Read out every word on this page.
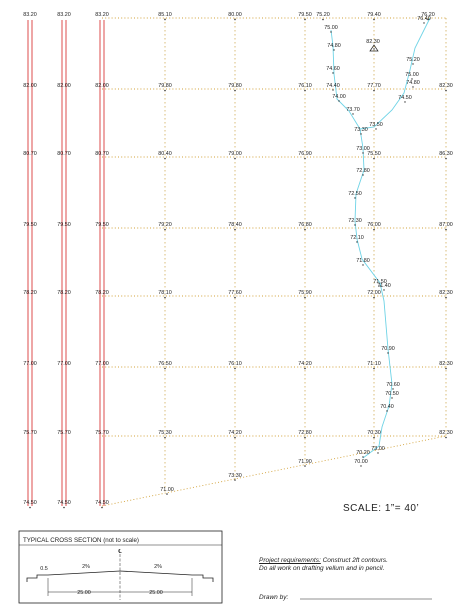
83.20	83.20	83.20	85.10	80.00	79.50 75.20	79.40	76.20
82.00	82.00	82.00	79.80	79.80	76.10	77.70	82.30
80.70	80.70	80.70	80.40	79.00	76.90	75.50	86.30
79.50	79.50	79.50	79.20	78.40	76.80	76.00	87.00
78.20	78.20	78.20	78.10	77.60	75.90	72.00	82.30
77.00	77.00	77.00	76.50	76.10	74.20	71.10	82.30
75.70	75.70	75.70	75.30	74.20	72.80	70.30	82.30
74.50	74.50	74.50
71.00
73.30
71.90
75.00
74.80
74.60
74.40
74.00
73.70
73.30
73.50
73.00
72.80
72.50
72.30
72.10
71.80
71.50
71.40
70.90
70.60
70.50
70.40
73.00
70.20
70.00
75.20
75.00
74.80
74.50
76.40
82.30
℄
25.00	25.00
0.5	2%	2%
SCALE: 1”= 40’
TYPICAL CROSS SECTION (not to scale)
Project requirements: Construct 2ft contours.
Do all work on drafting vellum and in pencil.
Drawn by:
